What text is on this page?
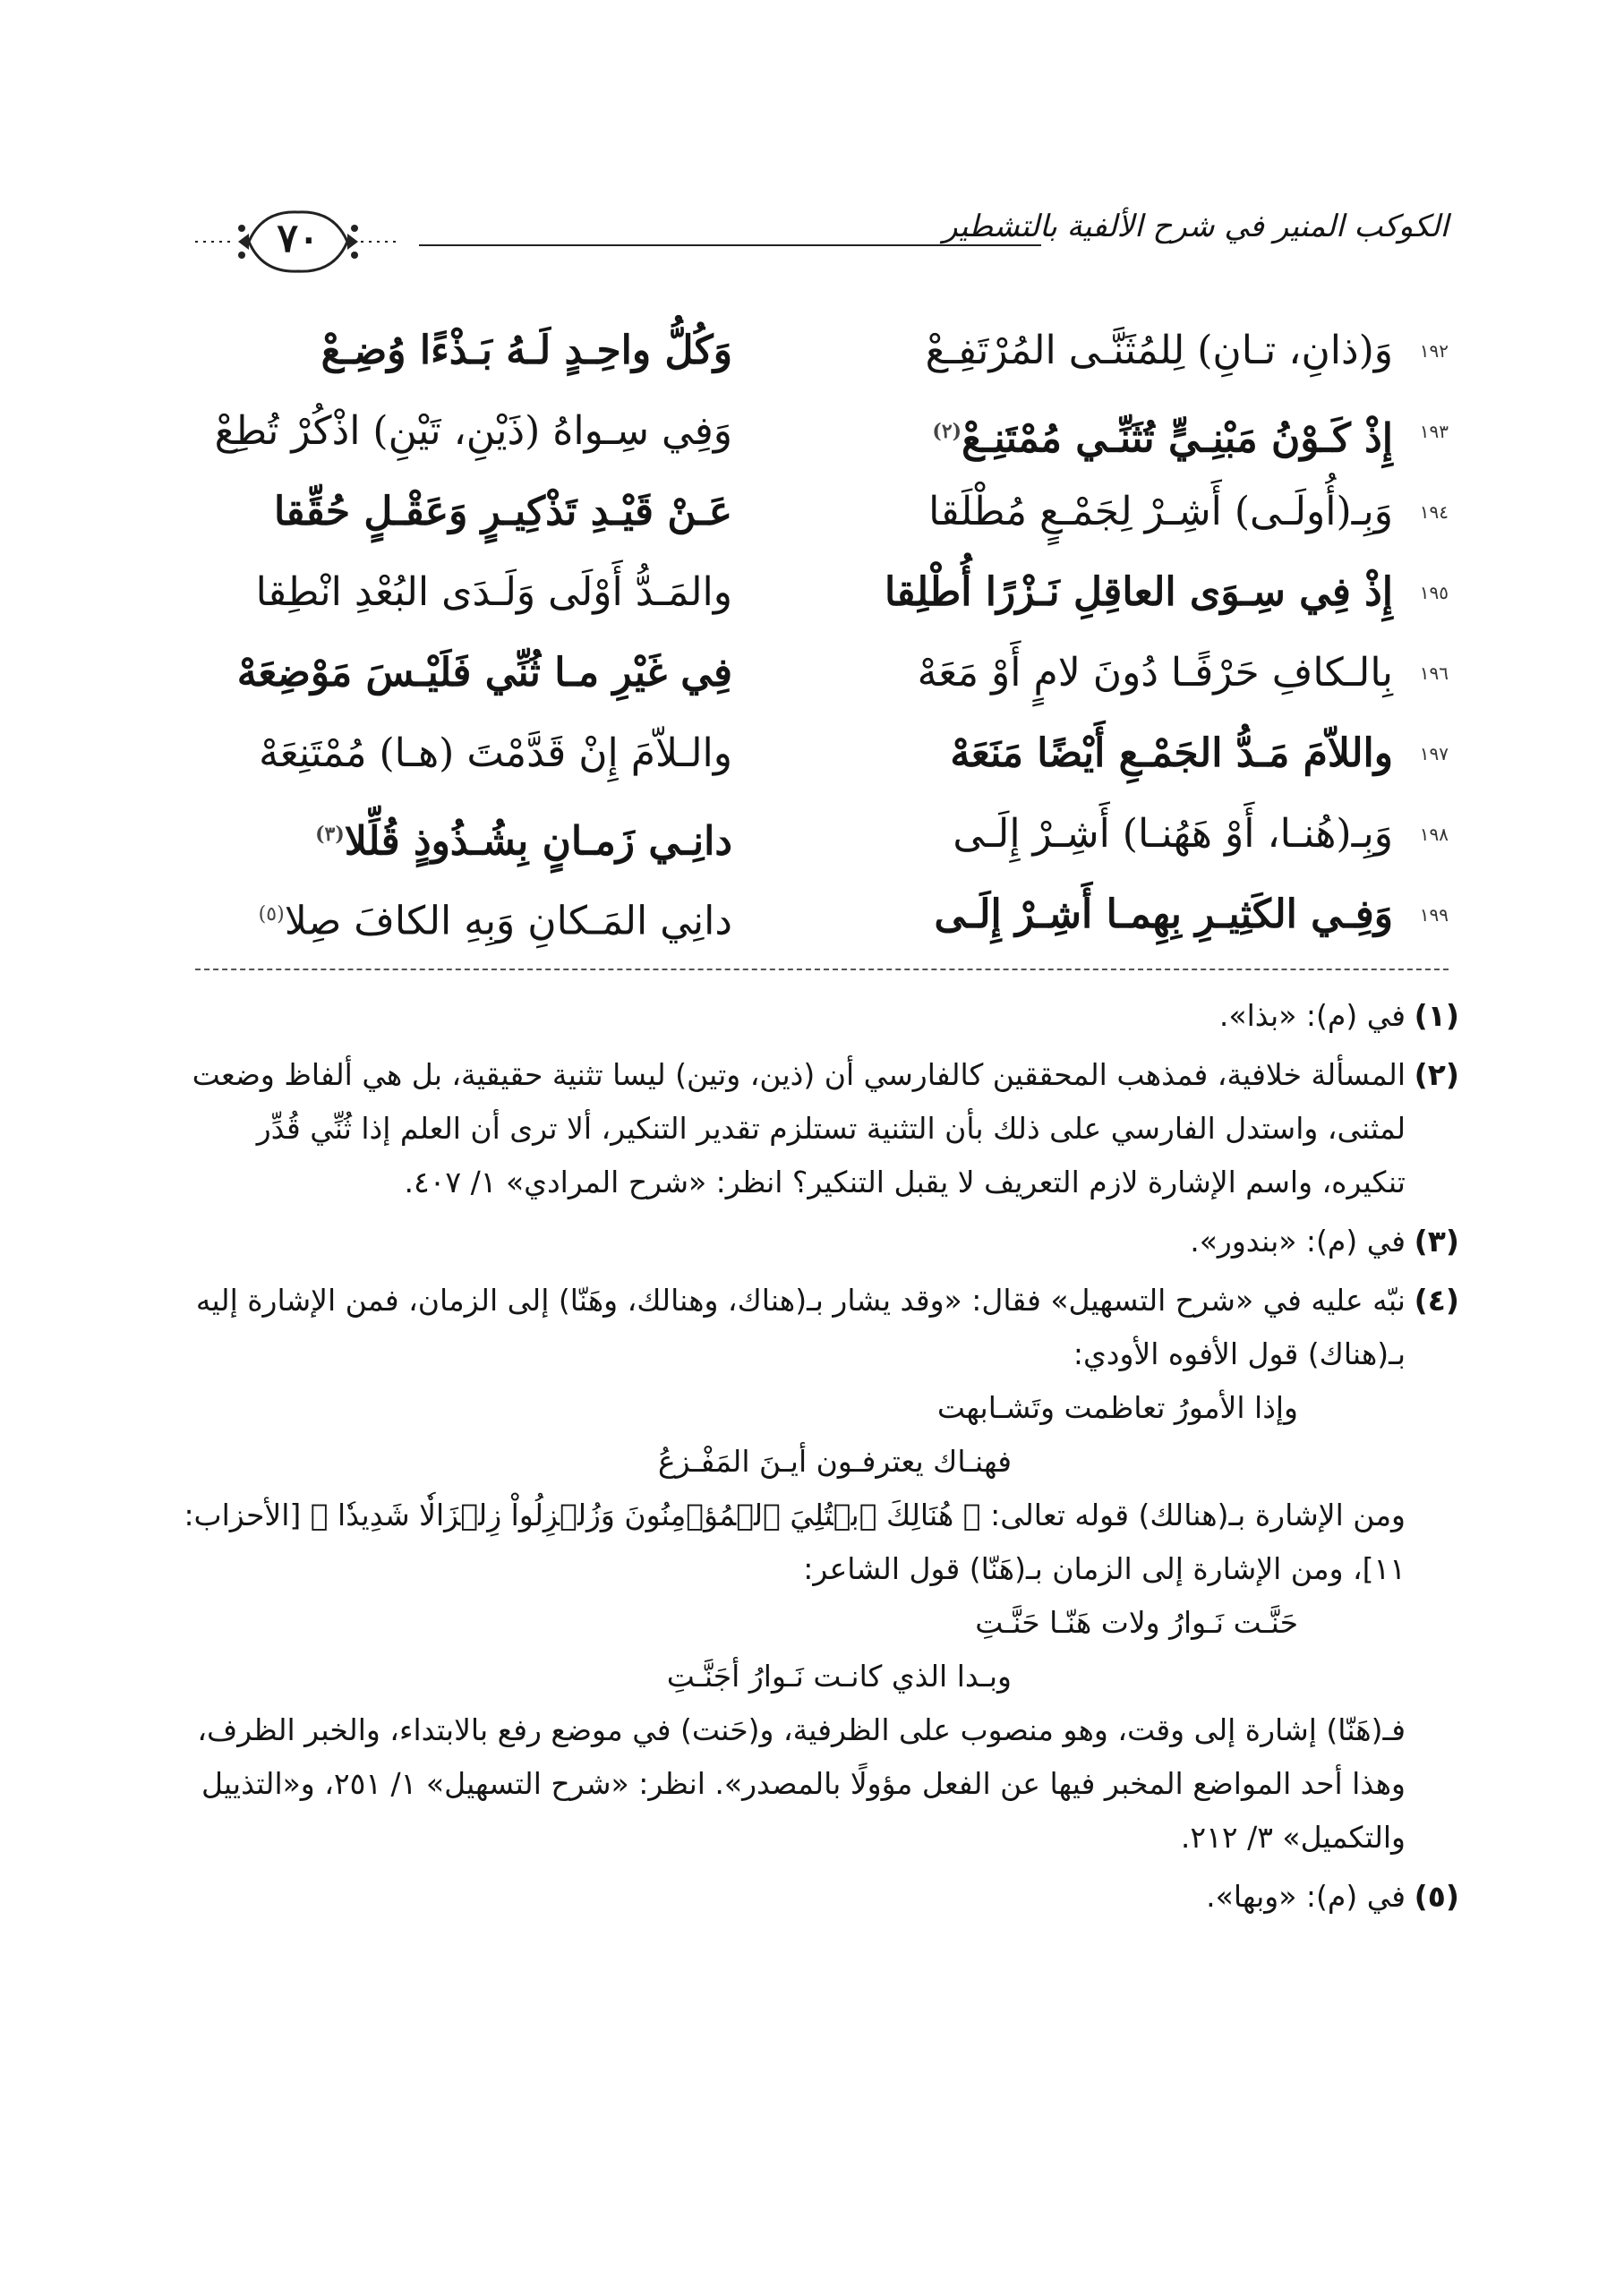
الكوكب المنير في شرح الألفية بالتشطير
٧٠
١٩٢
وَ(ذانِ، تـانِ) لِلمُثَنَّـى المُرْتَفِـعْ
وَكُلُّ واحِـدٍ لَـهُ بَـذْءًا وُضِـعْ
١٩٣
إِذْ كَـوْنُ مَبْنِـيٍّ تُثَنِّـي مُمْتَنِـعْ$^{(٢)}$
وَفِي سِـواهُ (ذَيْنِ، تَيْنِ) اذْكُرْ تُطِعْ
١٩٤
وَبِـ(أُولَـى) أَشِـرْ لِجَمْـعٍ مُطْلَقا
عَـنْ قَيْـدِ تَذْكِيـرٍ وَعَقْـلٍ حُقِّقا
١٩٥
إِذْ فِي سِـوَى العاقِلِ نَـزْرًا أُطْلِقا
والمَـدُّ أَوْلَى وَلَـدَى البُعْدِ انْطِقا
١٩٦
بِالـكافِ حَرْفًـا دُونَ لامٍ أَوْ مَعَهْ
فِي غَيْرِ مـا ثُنِّي فَلَيْـسَ مَوْضِعَهْ
١٩٧
واللاّمَ مَـدُّ الجَمْـعِ أَيْضًا مَنَعَهْ
والـلاّمَ إِنْ قَدَّمْتَ (هـا) مُمْتَنِعَهْ
١٩٨
وَبِـ(هُنـا، أَوْ هَهُنـا) أَشِـرْ إِلَـى
دانِـي زَمـانٍ بِشُـذُوذٍ قُلِّلا$^{(٣)}$
١٩٩
وَفِـي الكَثِيـرِ بِهِمـا أَشِـرْ إِلَـى
دانِي المَـكانِ وَبِهِ الكافَ صِلا$^{(٥)}$
(١)

في (م): «بذا».

(٢)

المسألة خلافية، فمذهب المحققين كالفارسي أن (ذين، وتين) ليسا تثنية حقيقية، بل هي ألفاظ وضعت لمثنى، واستدل الفارسي على ذلك بأن التثنية تستلزم تقدير التنكير، ألا ترى أن العلم إذا ثُنِّي قُدِّر تنكيره، واسم الإشارة لازم التعريف لا يقبل التنكير؟ انظر: «شرح المرادي» ١/ ٤٠٧.

(٣)

في (م): «بندور».

(٤)

نبّه عليه في «شرح التسهيل» فقال: «وقد يشار بـ(هناك، وهنالك، وهَنّا) إلى الزمان، فمن الإشارة إليه بـ(هناك) قول الأفوه الأودي:

وإذا الأمورُ تعاظمت وتَشـابهت
فهنـاك يعترفـون أيـنَ المَفْـزعُ

ومن الإشارة بـ(هنالك) قوله تعالى: ﴿ هُنَالِكَ ٱبۡتُلِيَ ٱلۡمُؤۡمِنُونَ وَزُلۡزِلُواْ زِلۡزَالٗا شَدِيدٗا ﴾ [الأحزاب: ١١]، ومن الإشارة إلى الزمان بـ(هَنّا) قول الشاعر:

حَنَّـت نَـوارُ ولات هَنّـا حَنَّـتِ
وبـدا الذي كانـت نَـوارُ أجَنَّـتِ

فـ(هَنّا) إشارة إلى وقت، وهو منصوب على الظرفية، و(حَنت) في موضع رفع بالابتداء، والخبر الظرف، وهذا أحد المواضع المخبر فيها عن الفعل مؤولًا بالمصدر». انظر: «شرح التسهيل» ١/ ٢٥١، و«التذييل والتكميل» ٣/ ٢١٢.

(٥)

في (م): «وبها».
